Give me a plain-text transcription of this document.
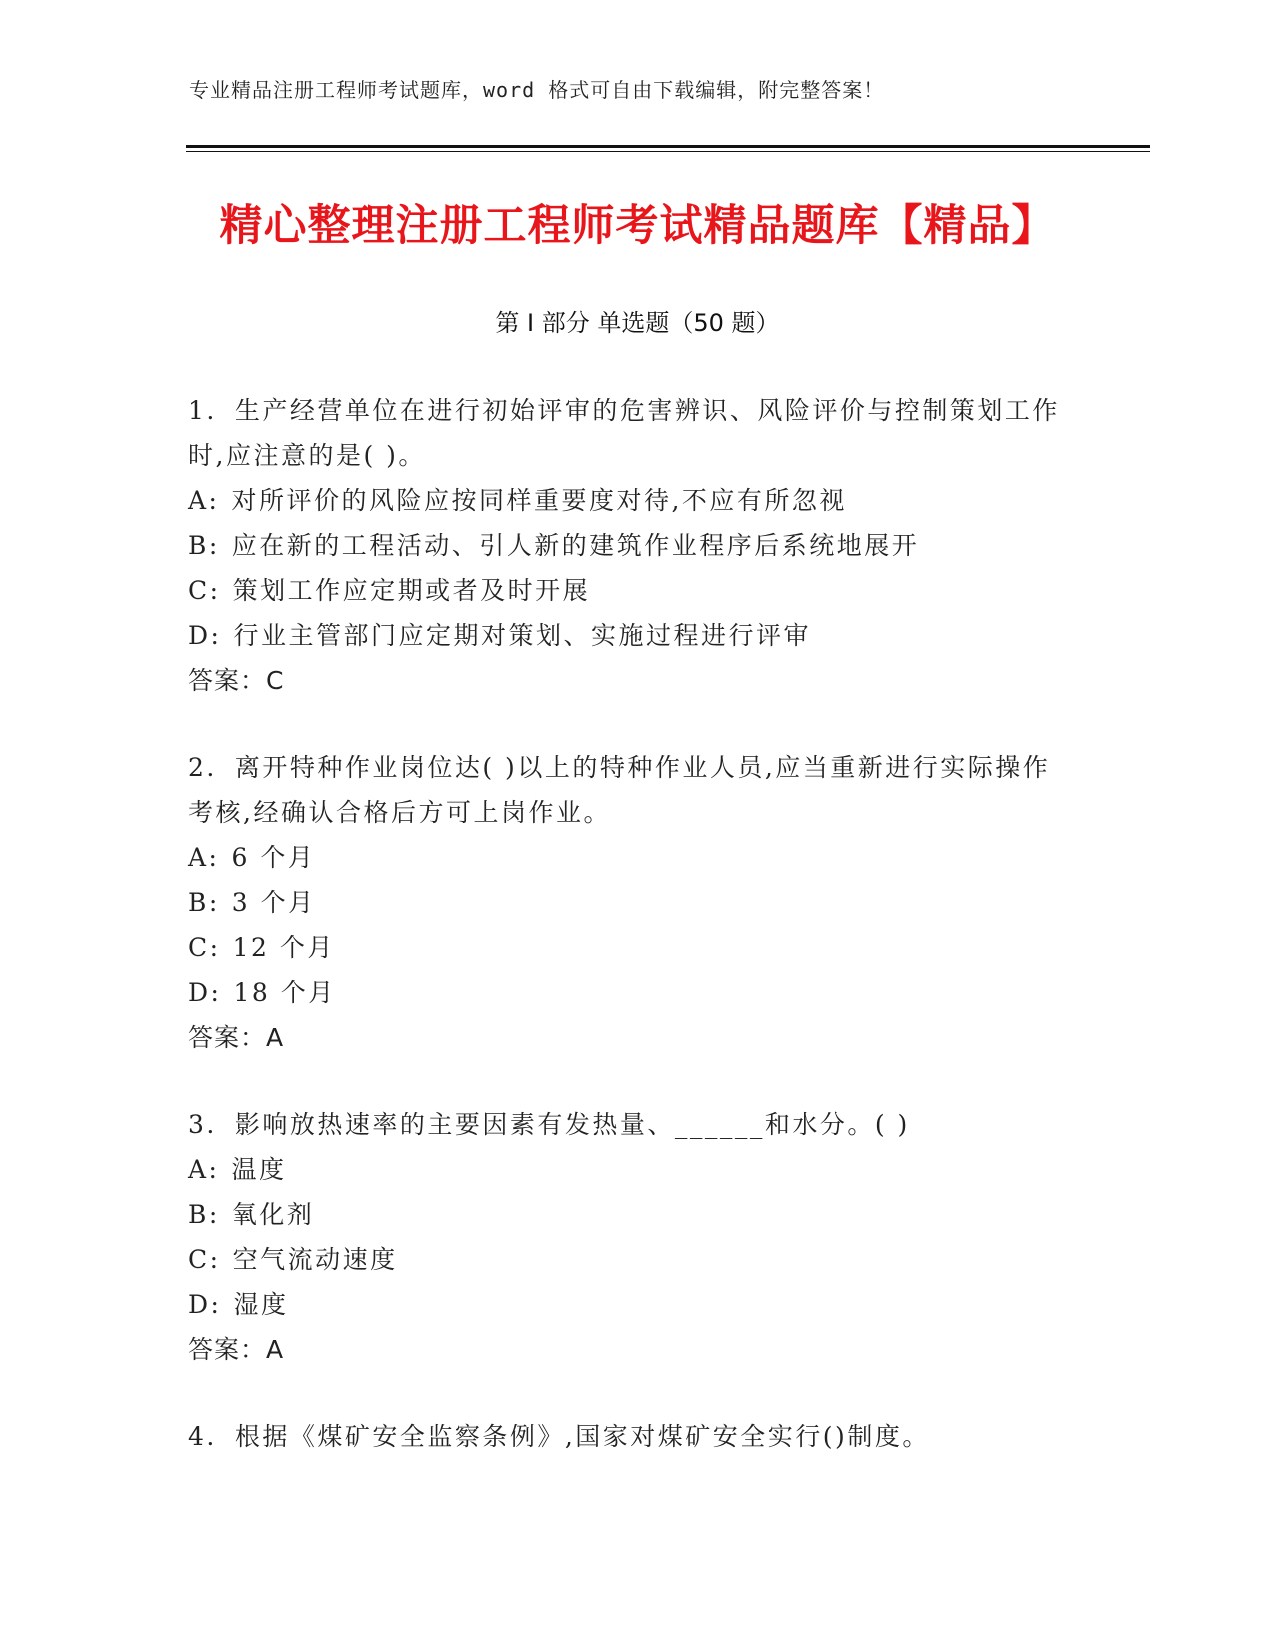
专业精品注册工程师考试题库，word 格式可自由下载编辑，附完整答案！
精心整理注册工程师考试精品题库【精品】
第 I 部分 单选题（50 题）
1. 生产经营单位在进行初始评审的危害辨识、风险评价与控制策划工作时,应注意的是( )。
A: 对所评价的风险应按同样重要度对待,不应有所忽视
B: 应在新的工程活动、引人新的建筑作业程序后系统地展开
C: 策划工作应定期或者及时开展
D: 行业主管部门应定期对策划、实施过程进行评审
答案：C
2. 离开特种作业岗位达( )以上的特种作业人员,应当重新进行实际操作考核,经确认合格后方可上岗作业。
A: 6 个月
B: 3 个月
C: 12 个月
D: 18 个月
答案：A
3. 影响放热速率的主要因素有发热量、______和水分。( )
A: 温度
B: 氧化剂
C: 空气流动速度
D: 湿度
答案：A
4. 根据《煤矿安全监察条例》,国家对煤矿安全实行()制度。
